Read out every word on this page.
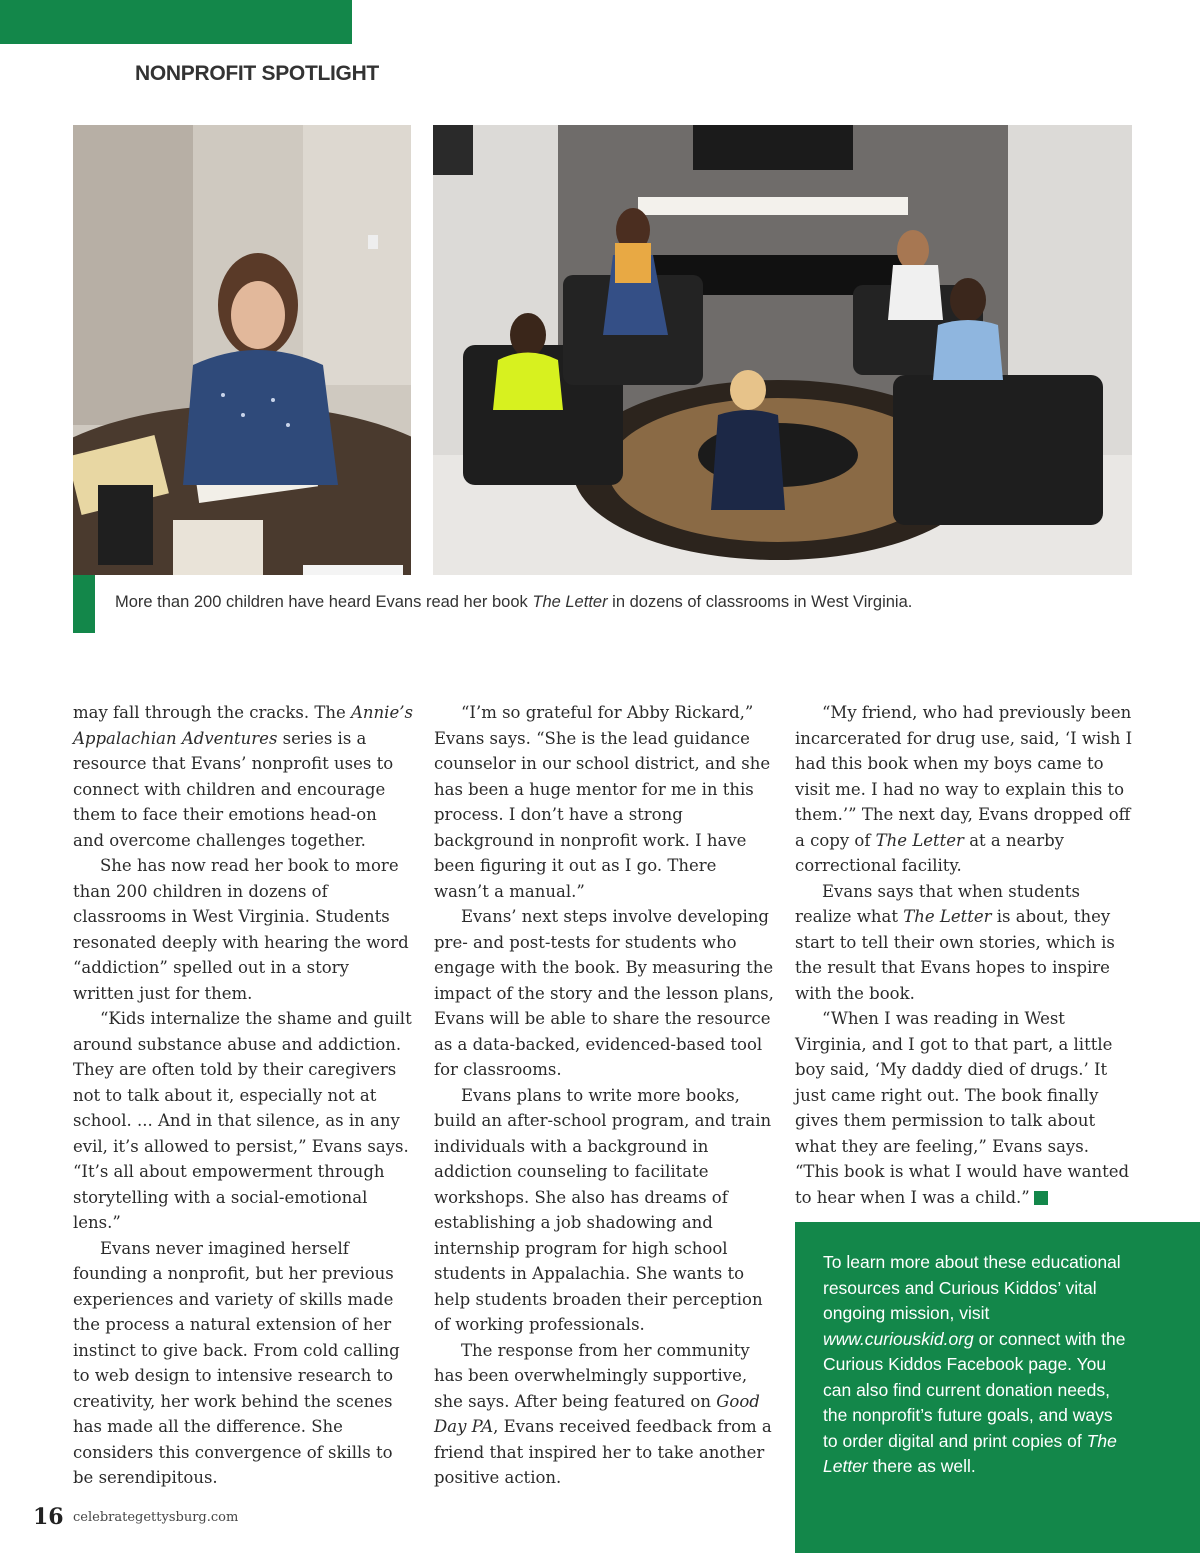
NONPROFIT SPOTLIGHT
More than 200 children have heard Evans read her book The Letter in dozens of classrooms in West Virginia.

may fall through the cracks. The Annie’s Appalachian Adventures series is a resource that Evans’ nonprofit uses to connect with children and encourage them to face their emotions head-on and overcome challenges together.

She has now read her book to more than 200 children in dozens of classrooms in West Virginia. Students resonated deeply with hearing the word “addiction” spelled out in a story written just for them.

“Kids internalize the shame and guilt around substance abuse and addiction. They are often told by their caregivers not to talk about it, especially not at school. ... And in that silence, as in any evil, it’s allowed to persist,” Evans says. “It’s all about empowerment through storytelling with a social-emotional lens.”

Evans never imagined herself founding a nonprofit, but her previous experiences and variety of skills made the process a natural extension of her instinct to give back. From cold calling to web design to intensive research to creativity, her work behind the scenes has made all the difference. She considers this convergence of skills to be serendipitous.

“I’m so grateful for Abby Rickard,” Evans says. “She is the lead guidance counselor in our school district, and she has been a huge mentor for me in this process. I don’t have a strong background in nonprofit work. I have been figuring it out as I go. There wasn’t a manual.”

Evans’ next steps involve developing pre- and post-tests for students who engage with the book. By measuring the impact of the story and the lesson plans, Evans will be able to share the resource as a data-backed, evidenced-based tool for classrooms.

Evans plans to write more books, build an after-school program, and train individuals with a background in addiction counseling to facilitate workshops. She also has dreams of establishing a job shadowing and internship program for high school students in Appalachia. She wants to help students broaden their perception of working professionals.

The response from her community has been overwhelmingly supportive, she says. After being featured on Good Day PA, Evans received feedback from a friend that inspired her to take another positive action.

“My friend, who had previously been incarcerated for drug use, said, ‘I wish I had this book when my boys came to visit me. I had no way to explain this to them.’” The next day, Evans dropped off a copy of The Letter at a nearby correctional facility.

Evans says that when students realize what The Letter is about, they start to tell their own stories, which is the result that Evans hopes to inspire with the book.

“When I was reading in West Virginia, and I got to that part, a little boy said, ‘My daddy died of drugs.’ It just came right out. The book finally gives them permission to talk about what they are feeling,” Evans says. “This book is what I would have wanted to hear when I was a child.”	G

To learn more about these educational resources and Curious Kiddos’ vital ongoing mission, visit www.curiouskid.org or connect with the Curious Kiddos Facebook page. You can also find current donation needs, the nonprofit’s future goals, and ways to order digital and print copies of The Letter there as well.
16 celebrategettysburg.com
